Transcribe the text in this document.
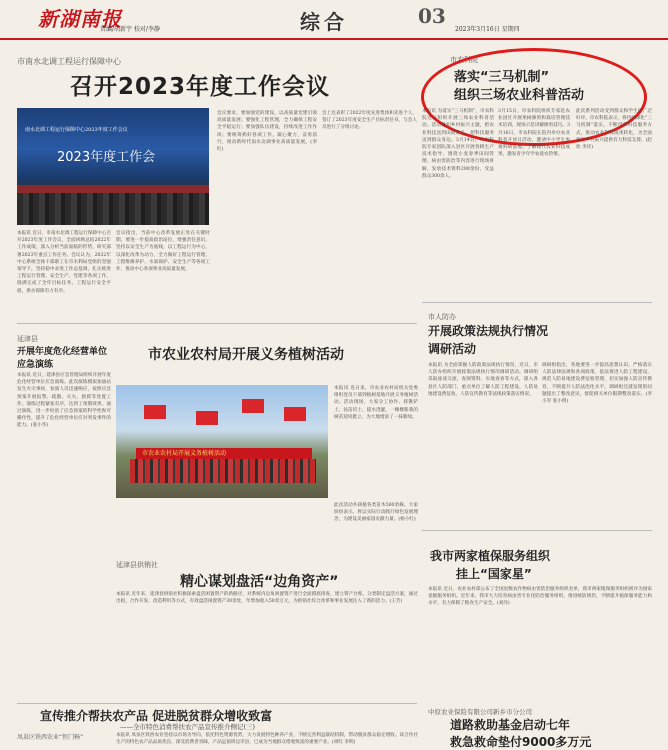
新湖南报
责编/胡新宇 校对/李静	综合	03
2023年3月16日 星期四
市南水北调工程运行保障中心
召开2023年度工作会议
南水北调工程运行保障中心2023年度工作会议
2023年度工作会
本报讯 近日，市南水北调工程运行保障中心召开2023年度工作会议，全面回顾总结2022年工作成绩，深入分析当前面临的形势，研究部署2023年重点工作任务。会议认为，2022年中心系统全体干部职工在市水利局党组的坚强领导下，坚持稳中求进工作总基调，扎实推进工程运行管理、安全生产、党建等各项工作，圆满完成了全年目标任务，工程运行安全平稳，供水保障有力有序。
会议指出，当前中心改革发展正处在关键时期，要进一步提高政治站位，增强责任意识，坚持以安全生产为底线，以工程运行为中心，以深化改革为动力，全力做好工程运行管理、工程维修养护、水质保护、安全生产等各项工作，推动中心各项事业高质量发展。
会议要求，要加强党的建设，以高质量党建引领高质量发展；要强化工程管理，全力确保工程安全平稳运行；要加强队伍建设，持续改进工作作风；要统筹抓好各项工作，凝心聚力，奋勇前行，推动新时代南水北调事业高质量发展。(李红)
会上还表彰了2022年度先进集体和先进个人，签订了2023年度安全生产目标责任书，与会人员进行了分组讨论。
市农科院
落实“三马机制”
组织三场农业科普活动
本报讯 为落实“三马机制”，市农科院近日组织开展三场农业科普活动。活动紧扣乡村振兴主题，把农业科技送到田间地头，把科技服务送到群众身边。3月14日，市农科院专家团队深入县区开展春耕生产技术指导，围绕小麦春季田间管理、病虫害防治等内容进行现场讲解，发放技术资料200余份，受益群众300余人。
3月15日，市农科院组织专家赴农业园区开展果树修剪和栽培管理技术培训，现场示范讲解修剪技巧。3月16日，市农科院在院内举办农业科普开放日活动，邀请中小学生参观科研基地、了解现代农业科技成果，激发青少年学农爱农热情。
此次系列活动受到群众和学生的广泛好评。市农科院表示，将持续深化“三马机制”落实，不断创新科技服务方式，推动农业科技成果转化，为全面推进乡村振兴提供有力科技支撑。(赵欣 李洋)
市人防办
开展政策法规执行情况
调研活动
本报讯 为全面掌握人防政策法规执行情况，近日，市人防办组织开展政策法规执行情况调研活动。调研组采取座谈交流、查阅资料、实地查看等方式，深入各县区人防部门、重点单位了解人防工程建设、人防易地建设费征收、人防宣传教育等法规政策落实情况。
调研组指出，各地要进一步提高思想认识，严格落实人防法律法规和各项政策，依法推进人防工程建设，规范人防易地建设费征收管理，切实加强人防宣传教育，不断提升人防法治化水平。调研组还就发现的问题提出了整改意见，督促相关单位限期整改落实。(李小军 张小明)
延津县
开展年度危化经营单位
应急演练
本报讯 近日，延津县应急管理局组织开展年度危化经营单位应急演练。此次演练模拟加油站发生火灾事故，参演人员迅速响应，按照应急预案开展报警、疏散、灭火、救援等处置工作。演练过程紧张有序，达到了预期效果。通过演练，进一步检验了应急预案的科学性和可操作性，提升了危化经营单位应对突发事件的能力。(张小华)
市农业农村局开展义务植树活动
市农业农村局开展义务植树活动
本报讯 连日来，市农业农村局机关党委组织党员干部到植树基地开展义务植树活动。活动现场，大家分工协作、挥锹铲土、扶苗培土、提水浇灌，一棵棵新栽的树苗迎风挺立，为大地增添了一抹新绿。
此次活动共栽植各类苗木500余株。大家纷纷表示，将以实际行动践行绿色发展理念，为建设美丽家园贡献力量。(杨小红)
延津县供销社
精心谋划盘活“边角资产”
本报讯 近年来，延津县供销社积极探索盘活闲置资产的新路径，对系统内边角闲置资产进行全面摸底排查，建立资产台账，分类制定盘活方案，通过出租、合作开发、改造利用等方式，有效盘活闲置资产30余处，年增加收入50余万元，为供销社综合改革和事业发展注入了新的活力。(王芳)
我市两家植保服务组织
挂上“国家星”
本报讯 近日，农业农村部公布了全国星级农作物病虫害防治服务组织名单，我市两家植保服务组织被评为国家星级服务组织。近年来，我市大力培育病虫害专业化防治服务组织，推进统防统治，不断提升植保服务能力和水平，有力保障了粮食生产安全。(刘洋)
宣传推介帮扶农产品 促进脱贫群众增收致富
——全市特色消费帮扶农产品宣传推介侧记(三)
凤泉区铁西农业“恒门畅”	本报讯 凤泉区铁西农业坚持以市场为导向，依托特色资源优势，大力发展特色种养产业，不断完善利益联结机制，带动脱贫群众稳定增收。该合作社生产的特色农产品品质优良、深受消费者青睐，产品远销周边市县，已成为当地群众增收致富的重要产业。(周红 李明)
中原农业保险有限公司新乡市分公司
道路救助基金启动七年
救急救命垫付9000多万元
